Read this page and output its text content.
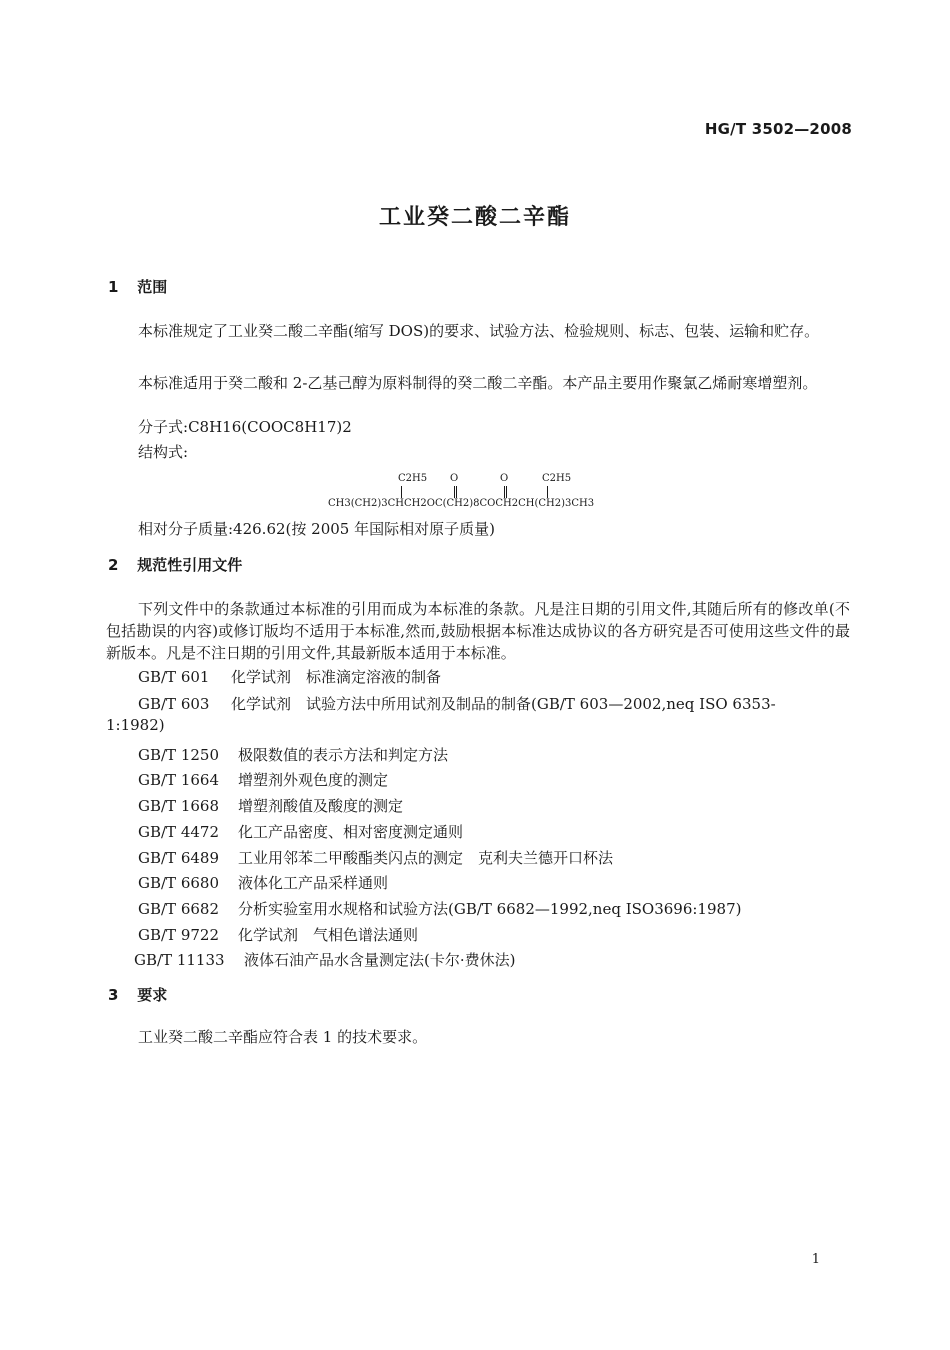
HG/T 3502—2008
工业癸二酸二辛酯
1 范围
本标准规定了工业癸二酸二辛酯(缩写 DOS)的要求、试验方法、检验规则、标志、包装、运输和贮存。
本标准适用于癸二酸和 2-乙基己醇为原料制得的癸二酸二辛酯。本产品主要用作聚氯乙烯耐寒增塑剂。
分子式:C8H16(COOC8H17)2
结构式:
C2H5 O	O	C2H5
CH3(CH2)3CHCH2OC(CH2)8COCH2CH(CH2)3CH3
相对分子质量:426.62(按 2005 年国际相对原子质量)
2 规范性引用文件
下列文件中的条款通过本标准的引用而成为本标准的条款。凡是注日期的引用文件,其随后所有的修改单(不包括勘误的内容)或修订版均不适用于本标准,然而,鼓励根据本标准达成协议的各方研究是否可使用这些文件的最新版本。凡是不注日期的引用文件,其最新版本适用于本标准。
GB/T 601 化学试剂　标准滴定溶液的制备
GB/T 603 化学试剂　试验方法中所用试剂及制品的制备(GB/T 603—2002,neq ISO 6353-
1:1982)
GB/T 1250 极限数值的表示方法和判定方法
GB/T 1664 增塑剂外观色度的测定
GB/T 1668 增塑剂酸值及酸度的测定
GB/T 4472 化工产品密度、相对密度测定通则
GB/T 6489 工业用邻苯二甲酸酯类闪点的测定　克利夫兰德开口杯法
GB/T 6680 液体化工产品采样通则
GB/T 6682 分析实验室用水规格和试验方法(GB/T 6682—1992,neq ISO3696:1987)
GB/T 9722 化学试剂　气相色谱法通则
GB/T 11133 液体石油产品水含量测定法(卡尔·费休法)
3 要求
工业癸二酸二辛酯应符合表 1 的技术要求。
1
